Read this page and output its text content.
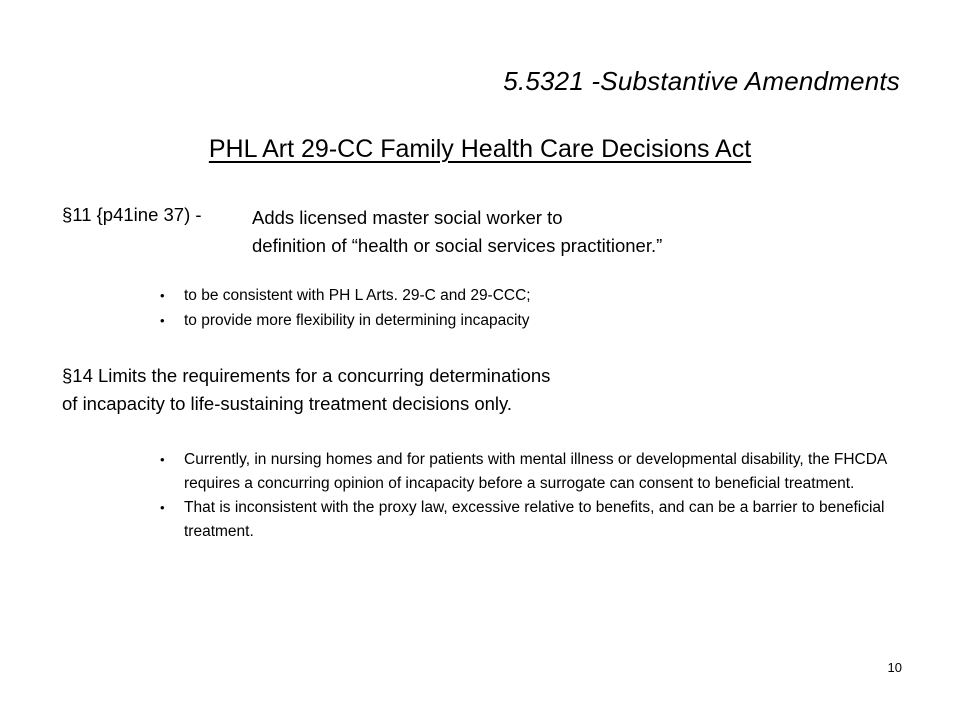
5.5321 -Substantive Amendments
PHL Art 29-CC Family Health Care Decisions Act
§11 {p41ine 37) -	Adds licensed master social worker to
definition of “health or social services practitioner.”
• to be consistent with PH L Arts. 29-C and 29-CCC;
• to provide more flexibility in determining incapacity
§14 Limits the requirements for a concurring determinations
of incapacity to life-sustaining treatment decisions only.
• Currently, in nursing homes and for patients with mental illness or developmental disability, the FHCDA requires a concurring opinion of incapacity before a surrogate can consent to beneficial treatment.
• That is inconsistent with the proxy law, excessive relative to benefits, and can be a barrier to beneficial treatment.
10
